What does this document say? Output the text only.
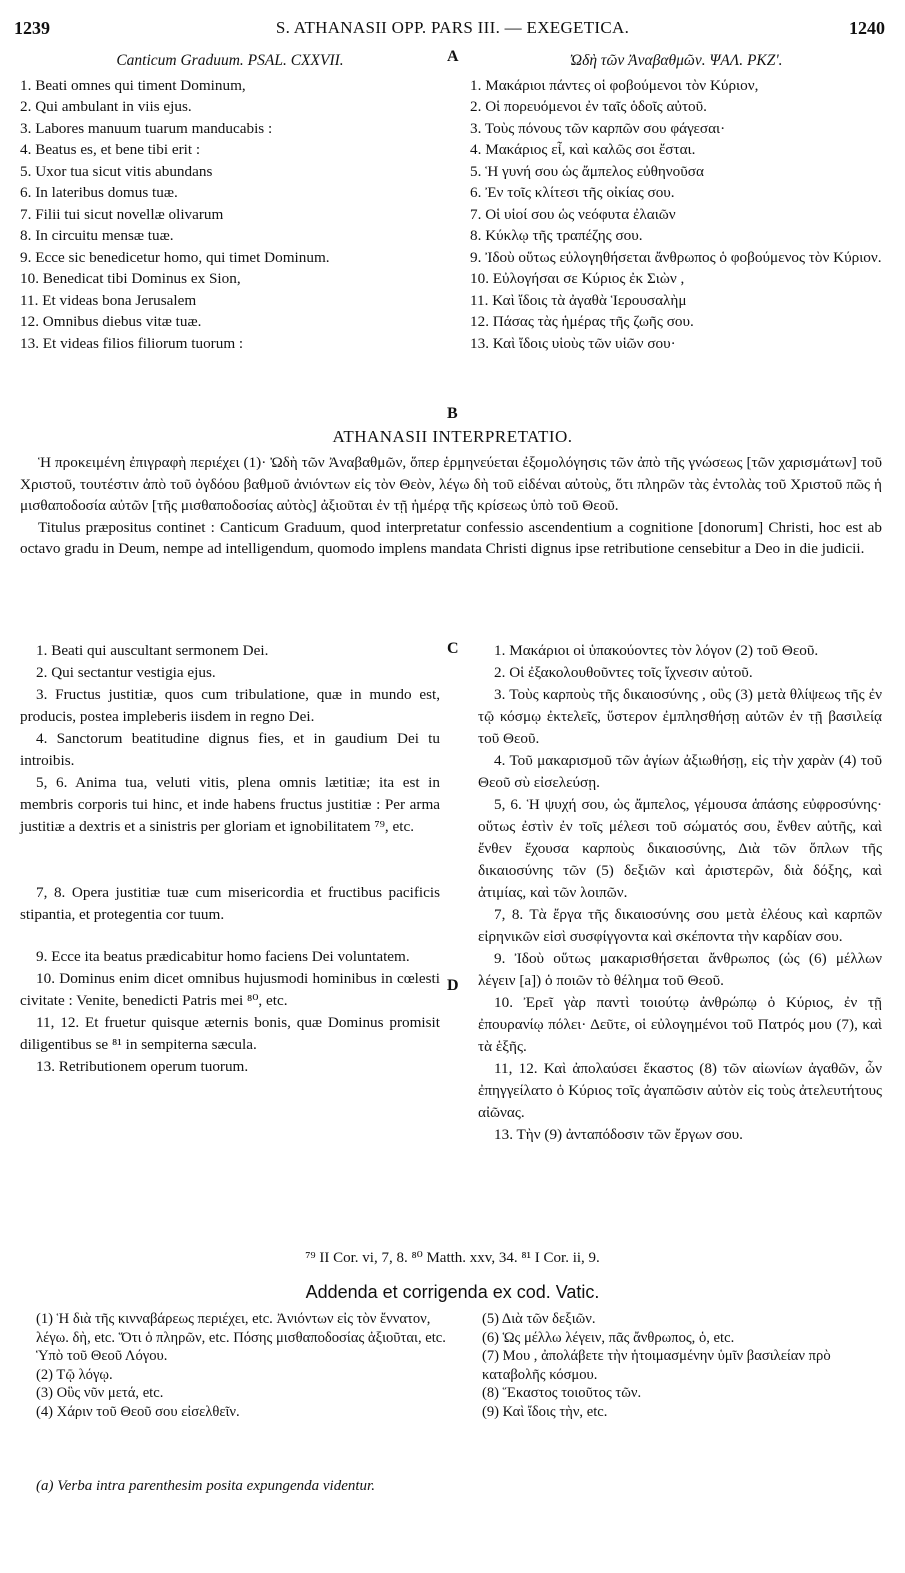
1239	S. ATHANASII OPP. PARS III. — EXEGETICA.	1240
A
B
C
D
Canticum Graduum. PSAL. CXXVII.
1. Beati omnes qui timent Dominum,
2. Qui ambulant in viis ejus.
3. Labores manuum tuarum manducabis :
4. Beatus es, et bene tibi erit :
5. Uxor tua sicut vitis abundans
6. In lateribus domus tuæ.
7. Filii tui sicut novellæ olivarum
8. In circuitu mensæ tuæ.
9. Ecce sic benedicetur homo, qui timet Dominum.
10. Benedicat tibi Dominus ex Sion,
11. Et videas bona Jerusalem
12. Omnibus diebus vitæ tuæ.
13. Et videas filios filiorum tuorum :
Ὠδὴ τῶν Ἀναβαθμῶν. ΨΑΛ. ΡΚΖ'.
1. Μακάριοι πάντες οἱ φοβούμενοι τὸν Κύριον,
2. Οἱ πορευόμενοι ἐν ταῖς ὁδοῖς αὐτοῦ.
3. Τοὺς πόνους τῶν καρπῶν σου φάγεσαι·
4. Μακάριος εἶ, καὶ καλῶς σοι ἔσται.
5. Ἡ γυνή σου ὡς ἄμπελος εὐθηνοῦσα
6. Ἐν τοῖς κλίτεσι τῆς οἰκίας σου.
7. Οἱ υἱοί σου ὡς νεόφυτα ἐλαιῶν
8. Κύκλῳ τῆς τραπέζης σου.
9. Ἰδοὺ οὕτως εὐλογηθήσεται ἄνθρωπος ὁ φοβούμενος τὸν Κύριον.
10. Εὐλογήσαι σε Κύριος ἐκ Σιὼν ,
11. Καὶ ἴδοις τὰ ἀγαθὰ Ἱερουσαλὴμ
12. Πάσας τὰς ἡμέρας τῆς ζωῆς σου.
13. Καὶ ἴδοις υἱοὺς τῶν υἱῶν σου·
ATHANASII INTERPRETATIO.

Ἡ προκειμένη ἐπιγραφὴ περιέχει (1)· Ὠδὴ τῶν Ἀναβαθμῶν, ὅπερ ἑρμηνεύεται ἐξομολόγησις τῶν ἀπὸ τῆς γνώσεως [τῶν χαρισμάτων] τοῦ Χριστοῦ, τουτέστιν ἀπὸ τοῦ ὀγδόου βαθμοῦ ἀνιόντων εἰς τὸν Θεὸν, λέγω δὴ τοῦ εἰδέναι αὐτοὺς, ὅτι πληρῶν τὰς ἐντολὰς τοῦ Χριστοῦ πῶς ἡ μισθαποδοσία αὐτῶν [τῆς μισθαποδοσίας αὐτὸς] ἀξιοῦται ἐν τῇ ἡμέρᾳ τῆς κρίσεως ὑπὸ τοῦ Θεοῦ.

Titulus præpositus continet : Canticum Graduum, quod interpretatur confessio ascendentium a cognitione [donorum] Christi, hoc est ab octavo gradu in Deum, nempe ad intelligendum, quomodo implens mandata Christi dignus ipse retributione censebitur a Deo in die judicii.

1. Beati qui auscultant sermonem Dei.

2. Qui sectantur vestigia ejus.

3. Fructus justitiæ, quos cum tribulatione, quæ in mundo est, producis, postea impleberis iisdem in regno Dei.

4. Sanctorum beatitudine dignus fies, et in gaudium Dei tu introibis.

5, 6. Anima tua, veluti vitis, plena omnis lætitiæ; ita est in membris corporis tui hinc, et inde habens fructus justitiæ : Per arma justitiæ a dextris et a sinistris per gloriam et ignobilitatem ⁷⁹, etc.

7, 8. Opera justitiæ tuæ cum misericordia et fructibus pacificis stipantia, et protegentia cor tuum.

9. Ecce ita beatus prædicabitur homo faciens Dei voluntatem.

10. Dominus enim dicet omnibus hujusmodi hominibus in cœlesti civitate : Venite, benedicti Patris mei ⁸⁰, etc.

11, 12. Et fruetur quisque æternis bonis, quæ Dominus promisit diligentibus se ⁸¹ in sempiterna sæcula.

13. Retributionem operum tuorum.

1. Μακάριοι οἱ ὑπακούοντες τὸν λόγον (2) τοῦ Θεοῦ.

2. Οἱ ἐξακολουθοῦντες τοῖς ἴχνεσιν αὐτοῦ.

3. Τοὺς καρποὺς τῆς δικαιοσύνης , οὓς (3) μετὰ θλίψεως τῆς ἐν τῷ κόσμῳ ἐκτελεῖς, ὕστερον ἐμπλησθήσῃ αὐτῶν ἐν τῇ βασιλείᾳ τοῦ Θεοῦ.

4. Τοῦ μακαρισμοῦ τῶν ἁγίων ἀξιωθήσῃ, εἰς τὴν χαρὰν (4) τοῦ Θεοῦ σὺ εἰσελεύσῃ.

5, 6. Ἡ ψυχή σου, ὡς ἄμπελος, γέμουσα ἁπάσης εὐφροσύνης· οὕτως ἐστὶν ἐν τοῖς μέλεσι τοῦ σώματός σου, ἔνθεν αὐτῆς, καὶ ἔνθεν ἔχουσα καρποὺς δικαιοσύνης, Διὰ τῶν ὅπλων τῆς δικαιοσύνης τῶν (5) δεξιῶν καὶ ἀριστερῶν, διὰ δόξης, καὶ ἀτιμίας, καὶ τῶν λοιπῶν.

7, 8. Τὰ ἔργα τῆς δικαιοσύνης σου μετὰ ἐλέους καὶ καρπῶν εἰρηνικῶν εἰσὶ συσφίγγοντα καὶ σκέποντα τὴν καρδίαν σου.

9. Ἰδοὺ οὕτως μακαρισθήσεται ἄνθρωπος (ὡς (6) μέλλων λέγειν [a]) ὁ ποιῶν τὸ θέλημα τοῦ Θεοῦ.

10. Ἐρεῖ γὰρ παντὶ τοιούτῳ ἀνθρώπῳ ὁ Κύριος, ἐν τῇ ἐπουρανίῳ πόλει· Δεῦτε, οἱ εὐλογημένοι τοῦ Πατρός μου (7), καὶ τὰ ἑξῆς.

11, 12. Καὶ ἀπολαύσει ἕκαστος (8) τῶν αἰωνίων ἀγαθῶν, ὧν ἐπηγγείλατο ὁ Κύριος τοῖς ἀγαπῶσιν αὐτὸν εἰς τοὺς ἀτελευτήτους αἰῶνας.

13. Τὴν (9) ἀνταπόδοσιν τῶν ἔργων σου.

⁷⁹ II Cor. vi, 7, 8. ⁸⁰ Matth. xxv, 34. ⁸¹ I Cor. ii, 9.
Addenda et corrigenda ex cod. Vatic.

(1) Ἡ διὰ τῆς κινναβάρεως περιέχει, etc. Ἀνιόντων εἰς τὸν ἔννατον, λέγω. δὴ, etc. Ὅτι ὁ πληρῶν, etc. Πόσης μισθαποδοσίας ἀξιοῦται, etc. Ὑπὸ τοῦ Θεοῦ Λόγου.

(2) Τῷ λόγῳ.

(3) Οὓς νῦν μετά, etc.

(4) Χάριν τοῦ Θεοῦ σου εἰσελθεῖν.

(5) Διὰ τῶν δεξιῶν.

(6) Ὡς μέλλω λέγειν, πᾶς ἄνθρωπος, ὁ, etc.

(7) Μου , ἀπολάβετε τὴν ἡτοιμασμένην ὑμῖν βασιλείαν πρὸ καταβολῆς κόσμου.

(8) Ἕκαστος τοιοῦτος τῶν.

(9) Καὶ ἴδοις τὴν, etc.

(a) Verba intra parenthesim posita expungenda videntur.
